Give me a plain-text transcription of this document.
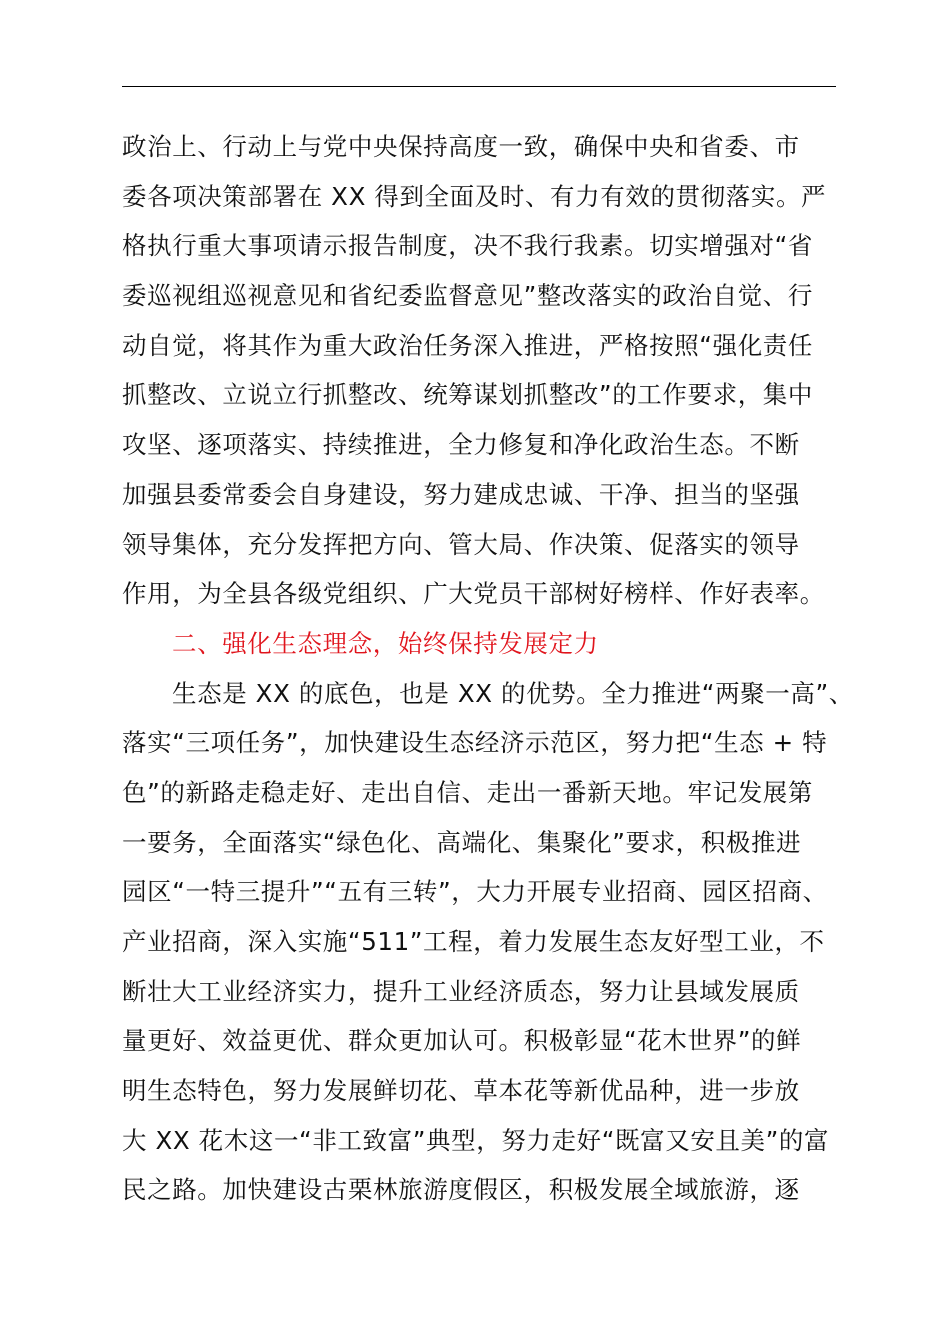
政治上、行动上与党中央保持高度一致，确保中央和省委、市
委各项决策部署在 XX 得到全面及时、有力有效的贯彻落实。严
格执行重大事项请示报告制度，决不我行我素。切实增强对“省
委巡视组巡视意见和省纪委监督意见”整改落实的政治自觉、行
动自觉，将其作为重大政治任务深入推进，严格按照“强化责任
抓整改、立说立行抓整改、统筹谋划抓整改”的工作要求，集中
攻坚、逐项落实、持续推进，全力修复和净化政治生态。不断
加强县委常委会自身建设，努力建成忠诚、干净、担当的坚强
领导集体，充分发挥把方向、管大局、作决策、促落实的领导
作用，为全县各级党组织、广大党员干部树好榜样、作好表率。
二、强化生态理念，始终保持发展定力
生态是 XX 的底色，也是 XX 的优势。全力推进“两聚一高”、
落实“三项任务”，加快建设生态经济示范区，努力把“生态 + 特
色”的新路走稳走好、走出自信、走出一番新天地。牢记发展第
一要务，全面落实“绿色化、高端化、集聚化”要求，积极推进
园区“一特三提升”“五有三转”，大力开展专业招商、园区招商、
产业招商，深入实施“511”工程，着力发展生态友好型工业，不
断壮大工业经济实力，提升工业经济质态，努力让县域发展质
量更好、效益更优、群众更加认可。积极彰显“花木世界”的鲜
明生态特色，努力发展鲜切花、草本花等新优品种，进一步放
大 XX 花木这一“非工致富”典型，努力走好“既富又安且美”的富
民之路。加快建设古栗林旅游度假区，积极发展全域旅游，逐
